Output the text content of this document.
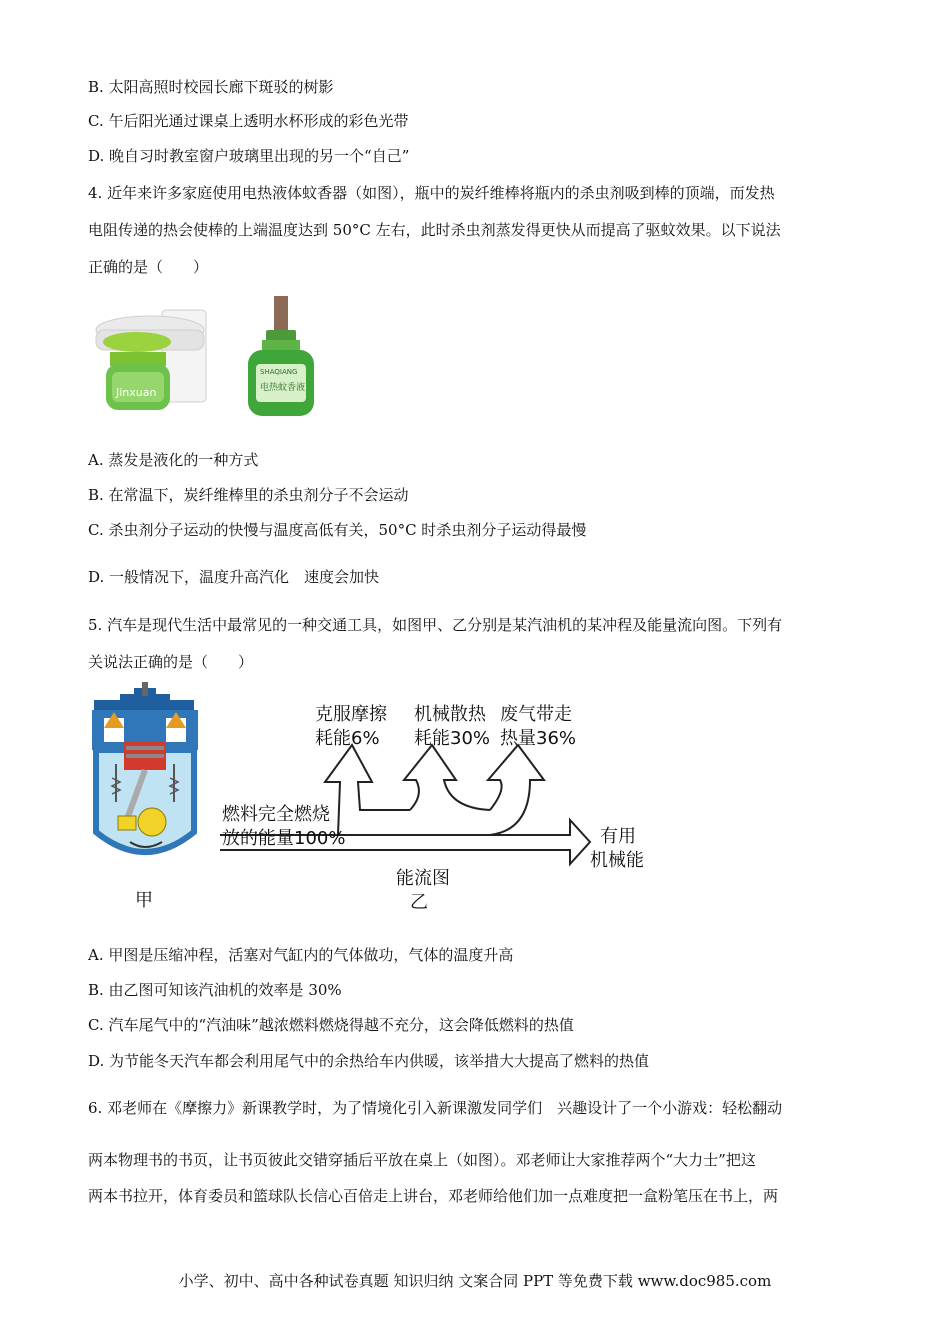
B. 太阳高照时校园长廊下斑驳的树影
C. 午后阳光通过课桌上透明水杯形成的彩色光带
D. 晚自习时教室窗户玻璃里出现的另一个“自己”
4. 近年来许多家庭使用电热液体蚊香器（如图），瓶中的炭纤维棒将瓶内的杀虫剂吸到棒的顶端，而发热
电阻传递的热会使棒的上端温度达到 50°C 左右，此时杀虫剂蒸发得更快从而提高了驱蚊效果。以下说法
正确的是（　　）
Jinxuan
SHAQIANG
电热蚊香液
A. 蒸发是液化的一种方式
B. 在常温下，炭纤维棒里的杀虫剂分子不会运动
C. 杀虫剂分子运动的快慢与温度高低有关，50°C 时杀虫剂分子运动得最慢
D. 一般情况下，温度升高汽化　速度会加快
5. 汽车是现代生活中最常见的一种交通工具，如图甲、乙分别是某汽油机的某冲程及能量流向图。下列有
关说法正确的是（　　）
甲
克服摩擦
耗能6%
机械散热
耗能30%
废气带走
热量36%
燃料完全燃烧
放的能量100%	有用
机械能
能流图
乙
A. 甲图是压缩冲程，活塞对气缸内的气体做功，气体的温度升高
B. 由乙图可知该汽油机的效率是 30%
C. 汽车尾气中的“汽油味”越浓燃料燃烧得越不充分，这会降低燃料的热值
D. 为节能冬天汽车都会利用尾气中的余热给车内供暖，该举措大大提高了燃料的热值
6. 邓老师在《摩擦力》新课教学时，为了情境化引入新课激发同学们　兴趣设计了一个小游戏：轻松翻动
两本物理书的书页，让书页彼此交错穿插后平放在桌上（如图）。邓老师让大家推荐两个“大力士”把这
两本书拉开，体育委员和篮球队长信心百倍走上讲台，邓老师给他们加一点难度把一盒粉笔压在书上，两
小学、初中、高中各种试卷真题 知识归纳 文案合同 PPT 等免费下载 www.doc985.com
